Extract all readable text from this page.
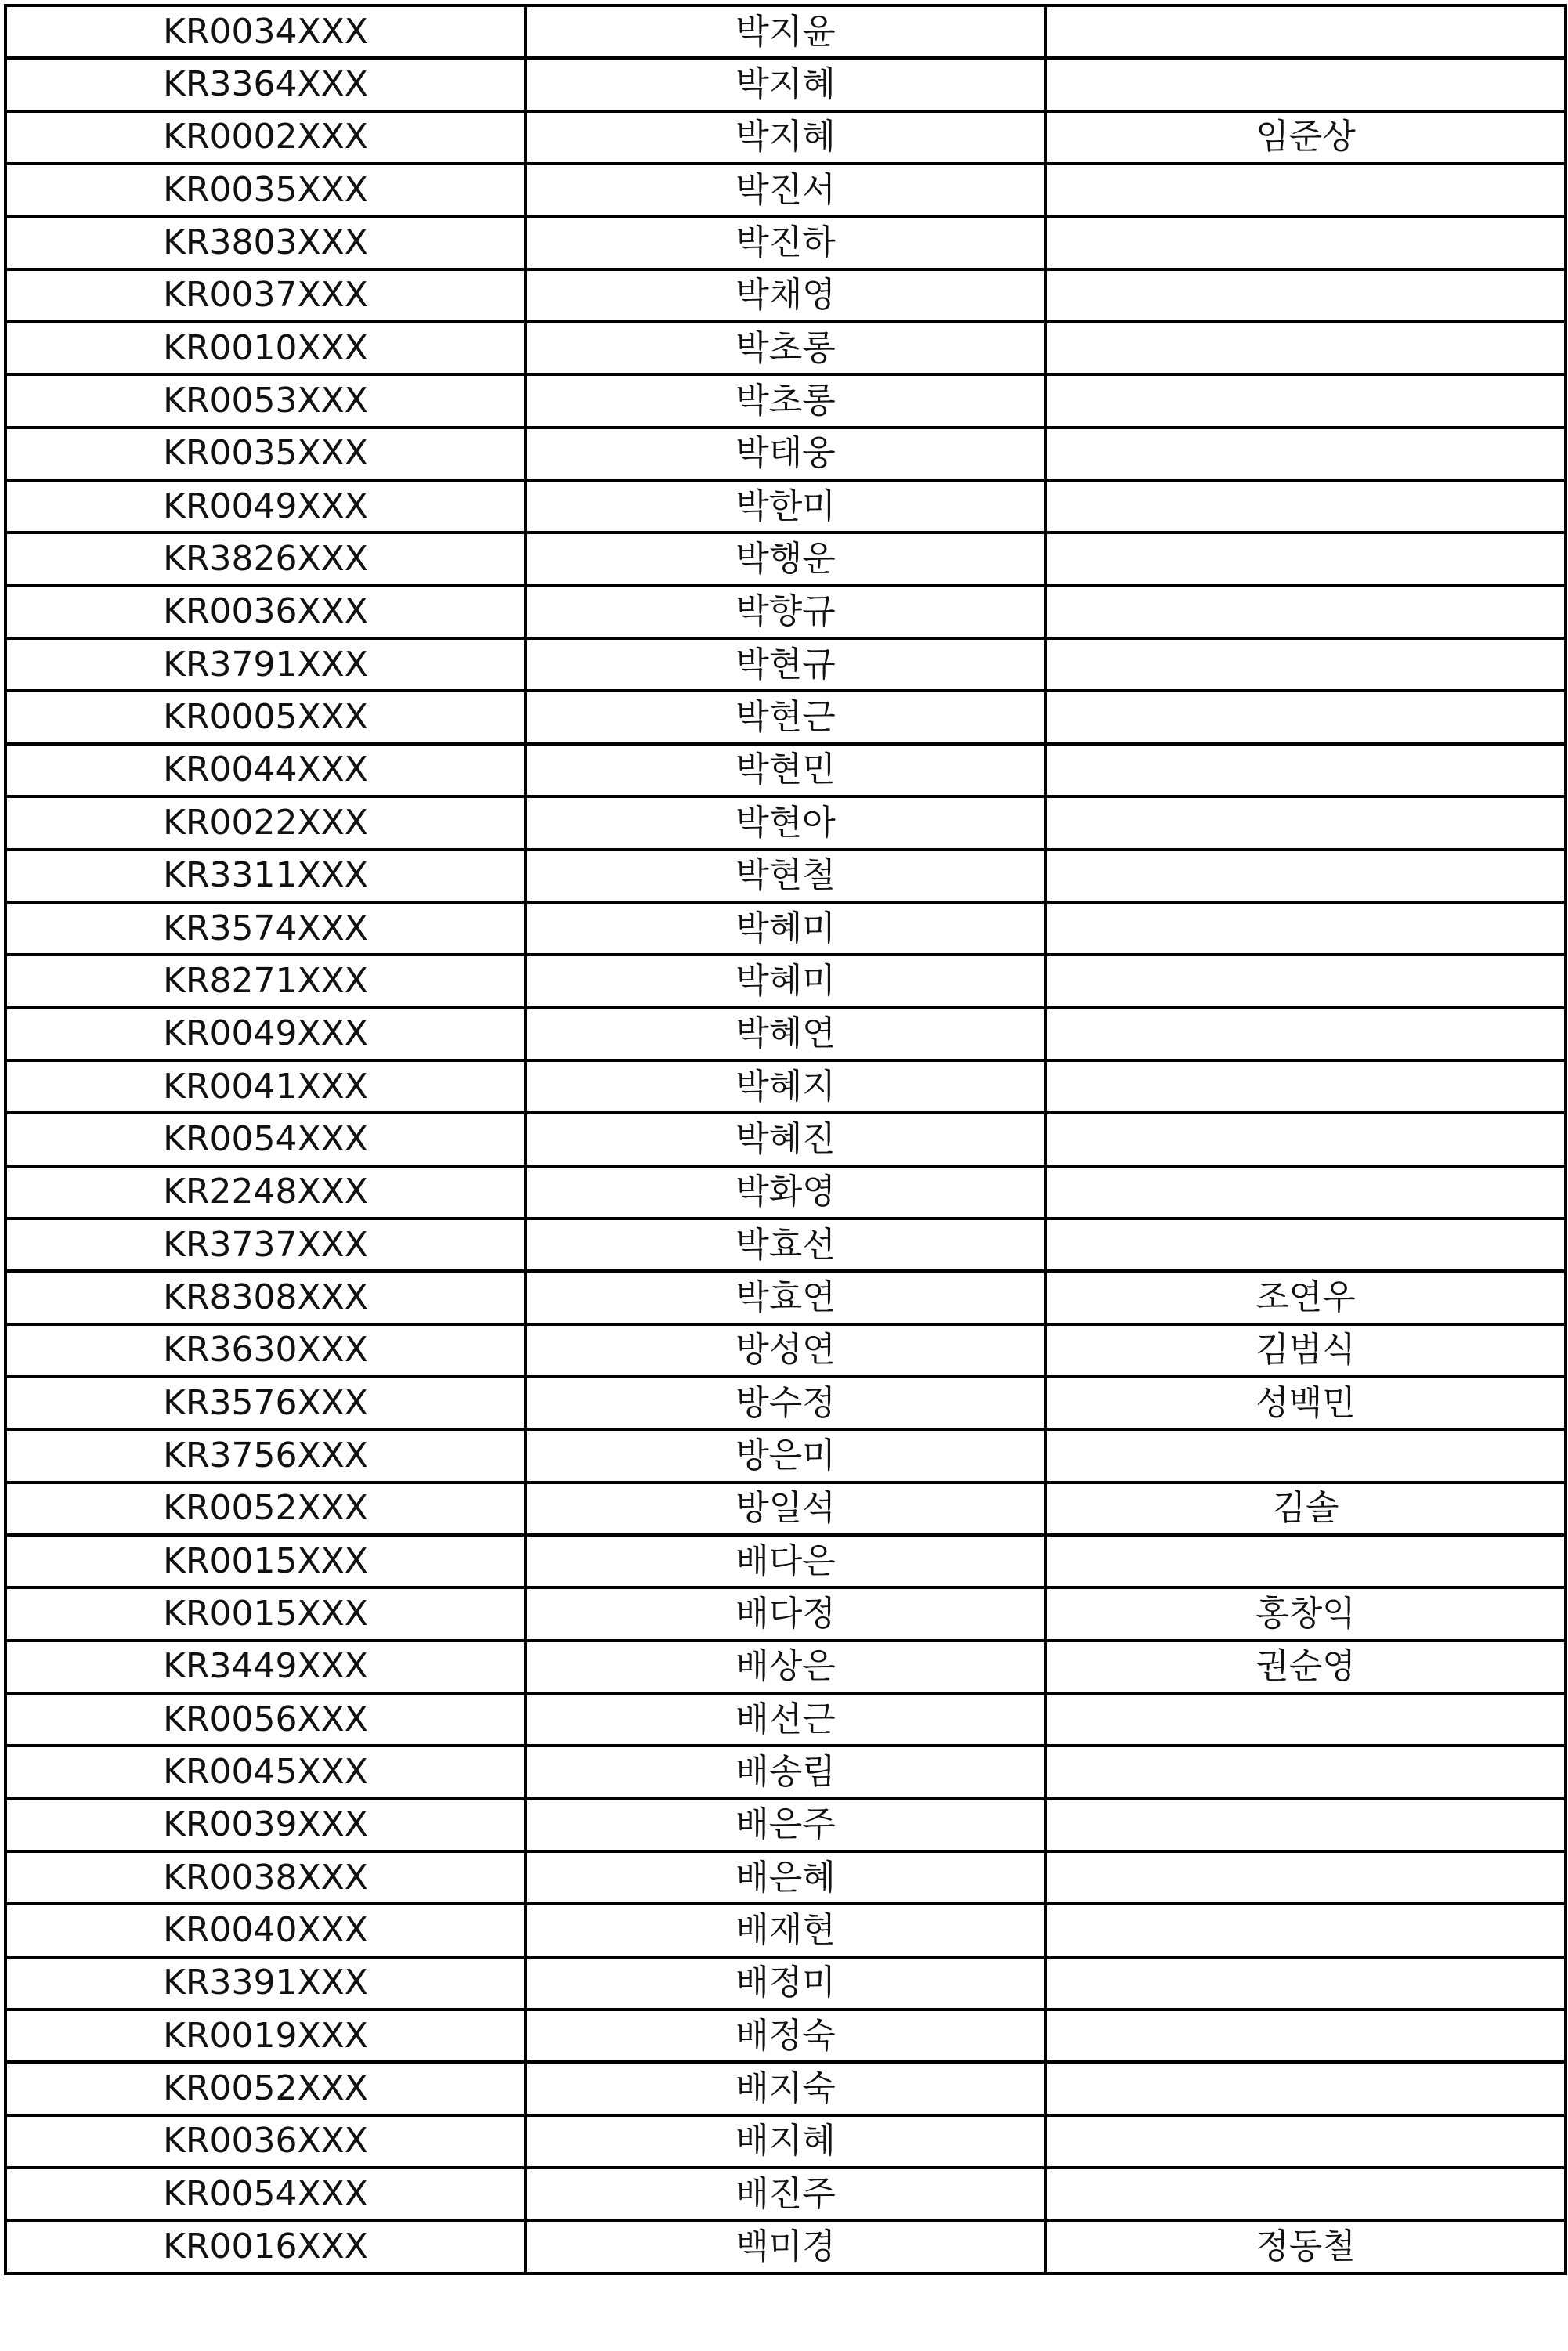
KR0034XXX	박지윤	
KR3364XXX	박지혜	
KR0002XXX	박지혜	임준상
KR0035XXX	박진서	
KR3803XXX	박진하	
KR0037XXX	박채영	
KR0010XXX	박초롱	
KR0053XXX	박초롱	
KR0035XXX	박태웅	
KR0049XXX	박한미	
KR3826XXX	박행운	
KR0036XXX	박향규	
KR3791XXX	박현규	
KR0005XXX	박현근	
KR0044XXX	박현민	
KR0022XXX	박현아	
KR3311XXX	박현철	
KR3574XXX	박혜미	
KR8271XXX	박혜미	
KR0049XXX	박혜연	
KR0041XXX	박혜지	
KR0054XXX	박혜진	
KR2248XXX	박화영	
KR3737XXX	박효선	
KR8308XXX	박효연	조연우
KR3630XXX	방성연	김범식
KR3576XXX	방수정	성백민
KR3756XXX	방은미	
KR0052XXX	방일석	김솔
KR0015XXX	배다은	
KR0015XXX	배다정	홍창익
KR3449XXX	배상은	권순영
KR0056XXX	배선근	
KR0045XXX	배송림	
KR0039XXX	배은주	
KR0038XXX	배은혜	
KR0040XXX	배재현	
KR3391XXX	배정미	
KR0019XXX	배정숙	
KR0052XXX	배지숙	
KR0036XXX	배지혜	
KR0054XXX	배진주	
KR0016XXX	백미경	정동철
